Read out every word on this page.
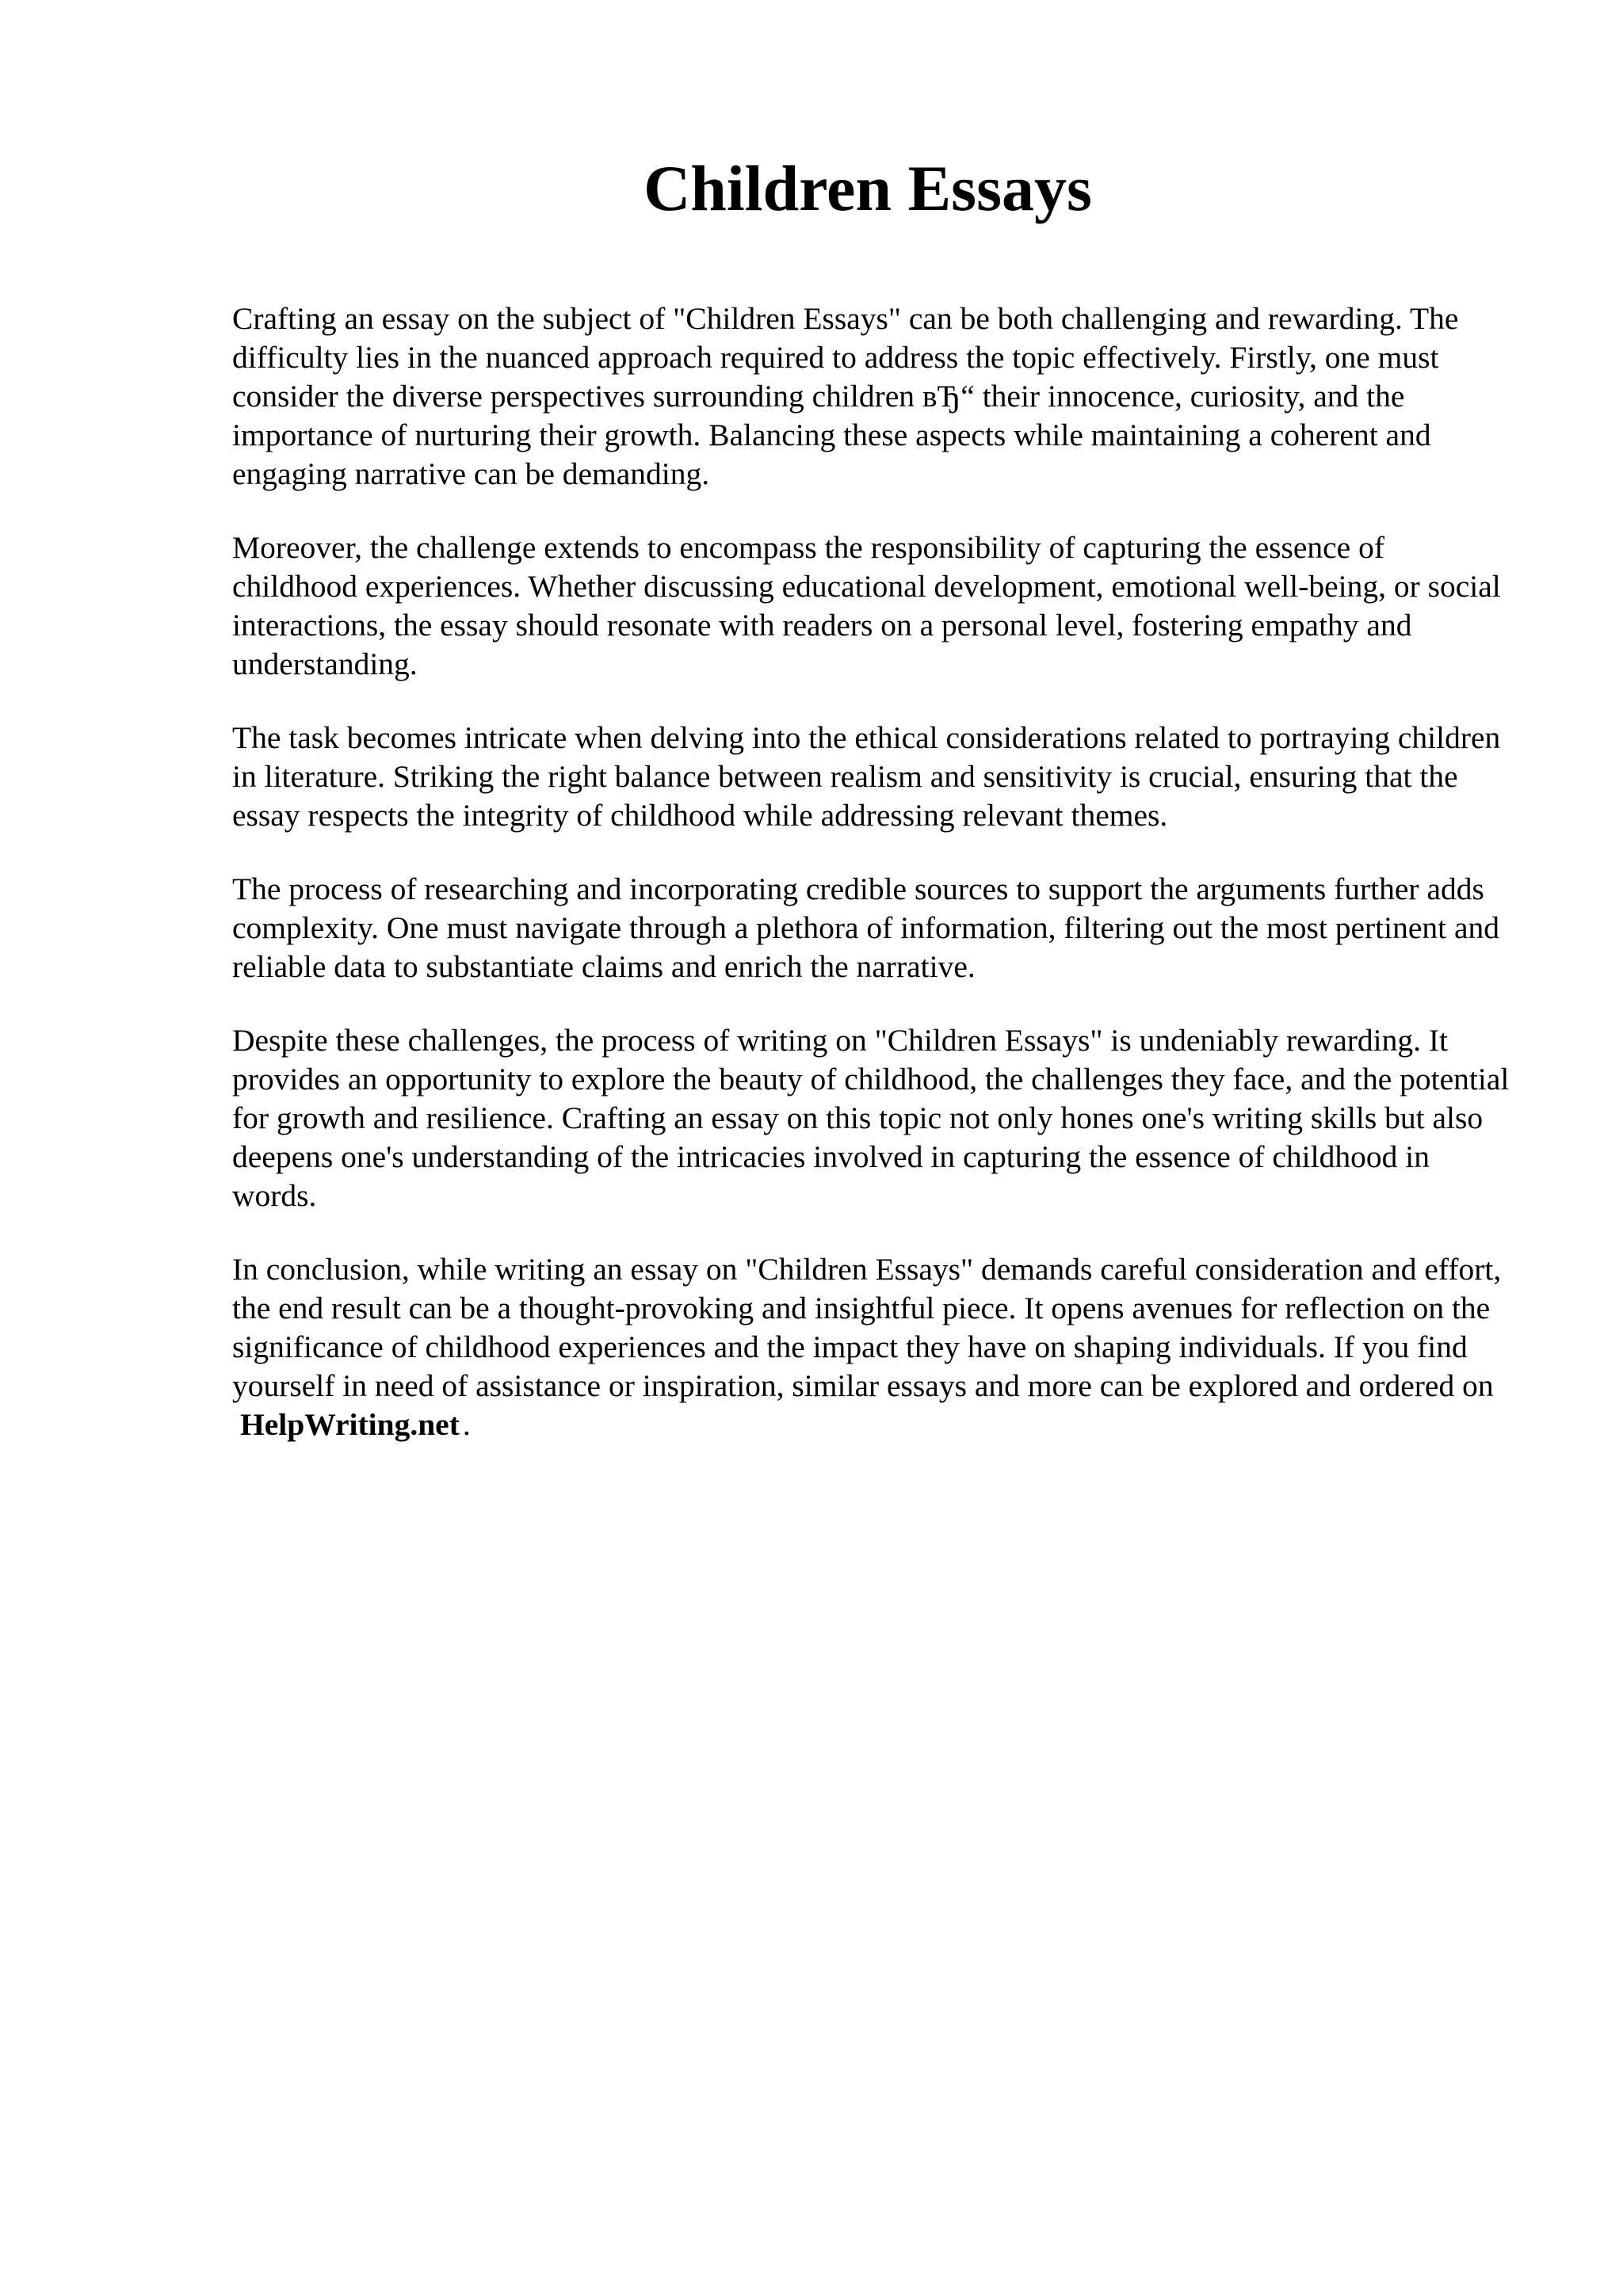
Children Essays

Crafting an essay on the subject of "Children Essays" can be both challenging and rewarding. The difficulty lies in the nuanced approach required to address the topic effectively. Firstly, one must consider the diverse perspectives surrounding children вЂ“ their innocence, curiosity, and the importance of nurturing their growth. Balancing these aspects while maintaining a coherent and engaging narrative can be demanding.

Moreover, the challenge extends to encompass the responsibility of capturing the essence of childhood experiences. Whether discussing educational development, emotional well-being, or social interactions, the essay should resonate with readers on a personal level, fostering empathy and understanding.

The task becomes intricate when delving into the ethical considerations related to portraying children in literature. Striking the right balance between realism and sensitivity is crucial, ensuring that the essay respects the integrity of childhood while addressing relevant themes.

The process of researching and incorporating credible sources to support the arguments further adds complexity. One must navigate through a plethora of information, filtering out the most pertinent and reliable data to substantiate claims and enrich the narrative.

Despite these challenges, the process of writing on "Children Essays" is undeniably rewarding. It provides an opportunity to explore the beauty of childhood, the challenges they face, and the potential for growth and resilience. Crafting an essay on this topic not only hones one's writing skills but also deepens one's understanding of the intricacies involved in capturing the essence of childhood in words.

In conclusion, while writing an essay on "Children Essays" demands careful consideration and effort, the end result can be a thought-provoking and insightful piece. It opens avenues for reflection on the significance of childhood experiences and the impact they have on shaping individuals. If you find yourself in need of assistance or inspiration, similar essays and more can be explored and ordered on HelpWriting.net .
